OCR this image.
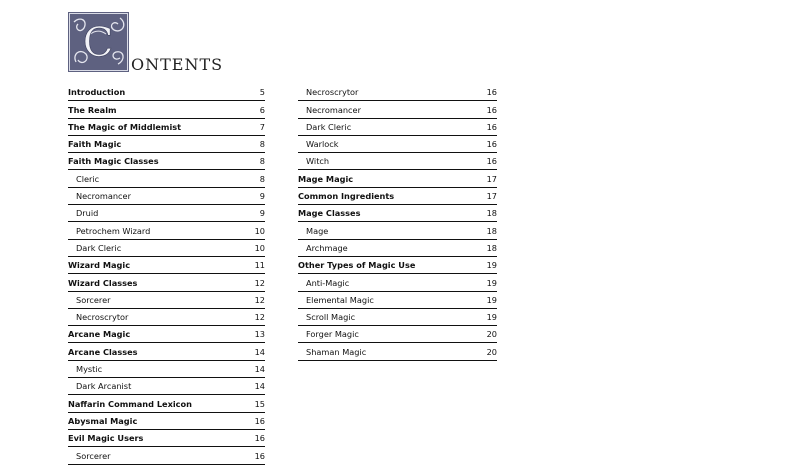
C ONTENTS
Introduction	5
The Realm	6
The Magic of Middlemist	7
Faith Magic	8
Faith Magic Classes	8
Cleric	8
Necromancer	9
Druid	9
Petrochem Wizard	10
Dark Cleric	10
Wizard Magic	11
Wizard Classes	12
Sorcerer	12
Necroscrytor	12
Arcane Magic	13
Arcane Classes	14
Mystic	14
Dark Arcanist	14
Naffarin Command Lexicon	15
Abysmal Magic	16
Evil Magic Users	16
Sorcerer	16
Necroscrytor	16
Necromancer	16
Dark Cleric	16
Warlock	16
Witch	16
Mage Magic	17
Common Ingredients	17
Mage Classes	18
Mage	18
Archmage	18
Other Types of Magic Use	19
Anti-Magic	19
Elemental Magic	19
Scroll Magic	19
Forger Magic	20
Shaman Magic	20
